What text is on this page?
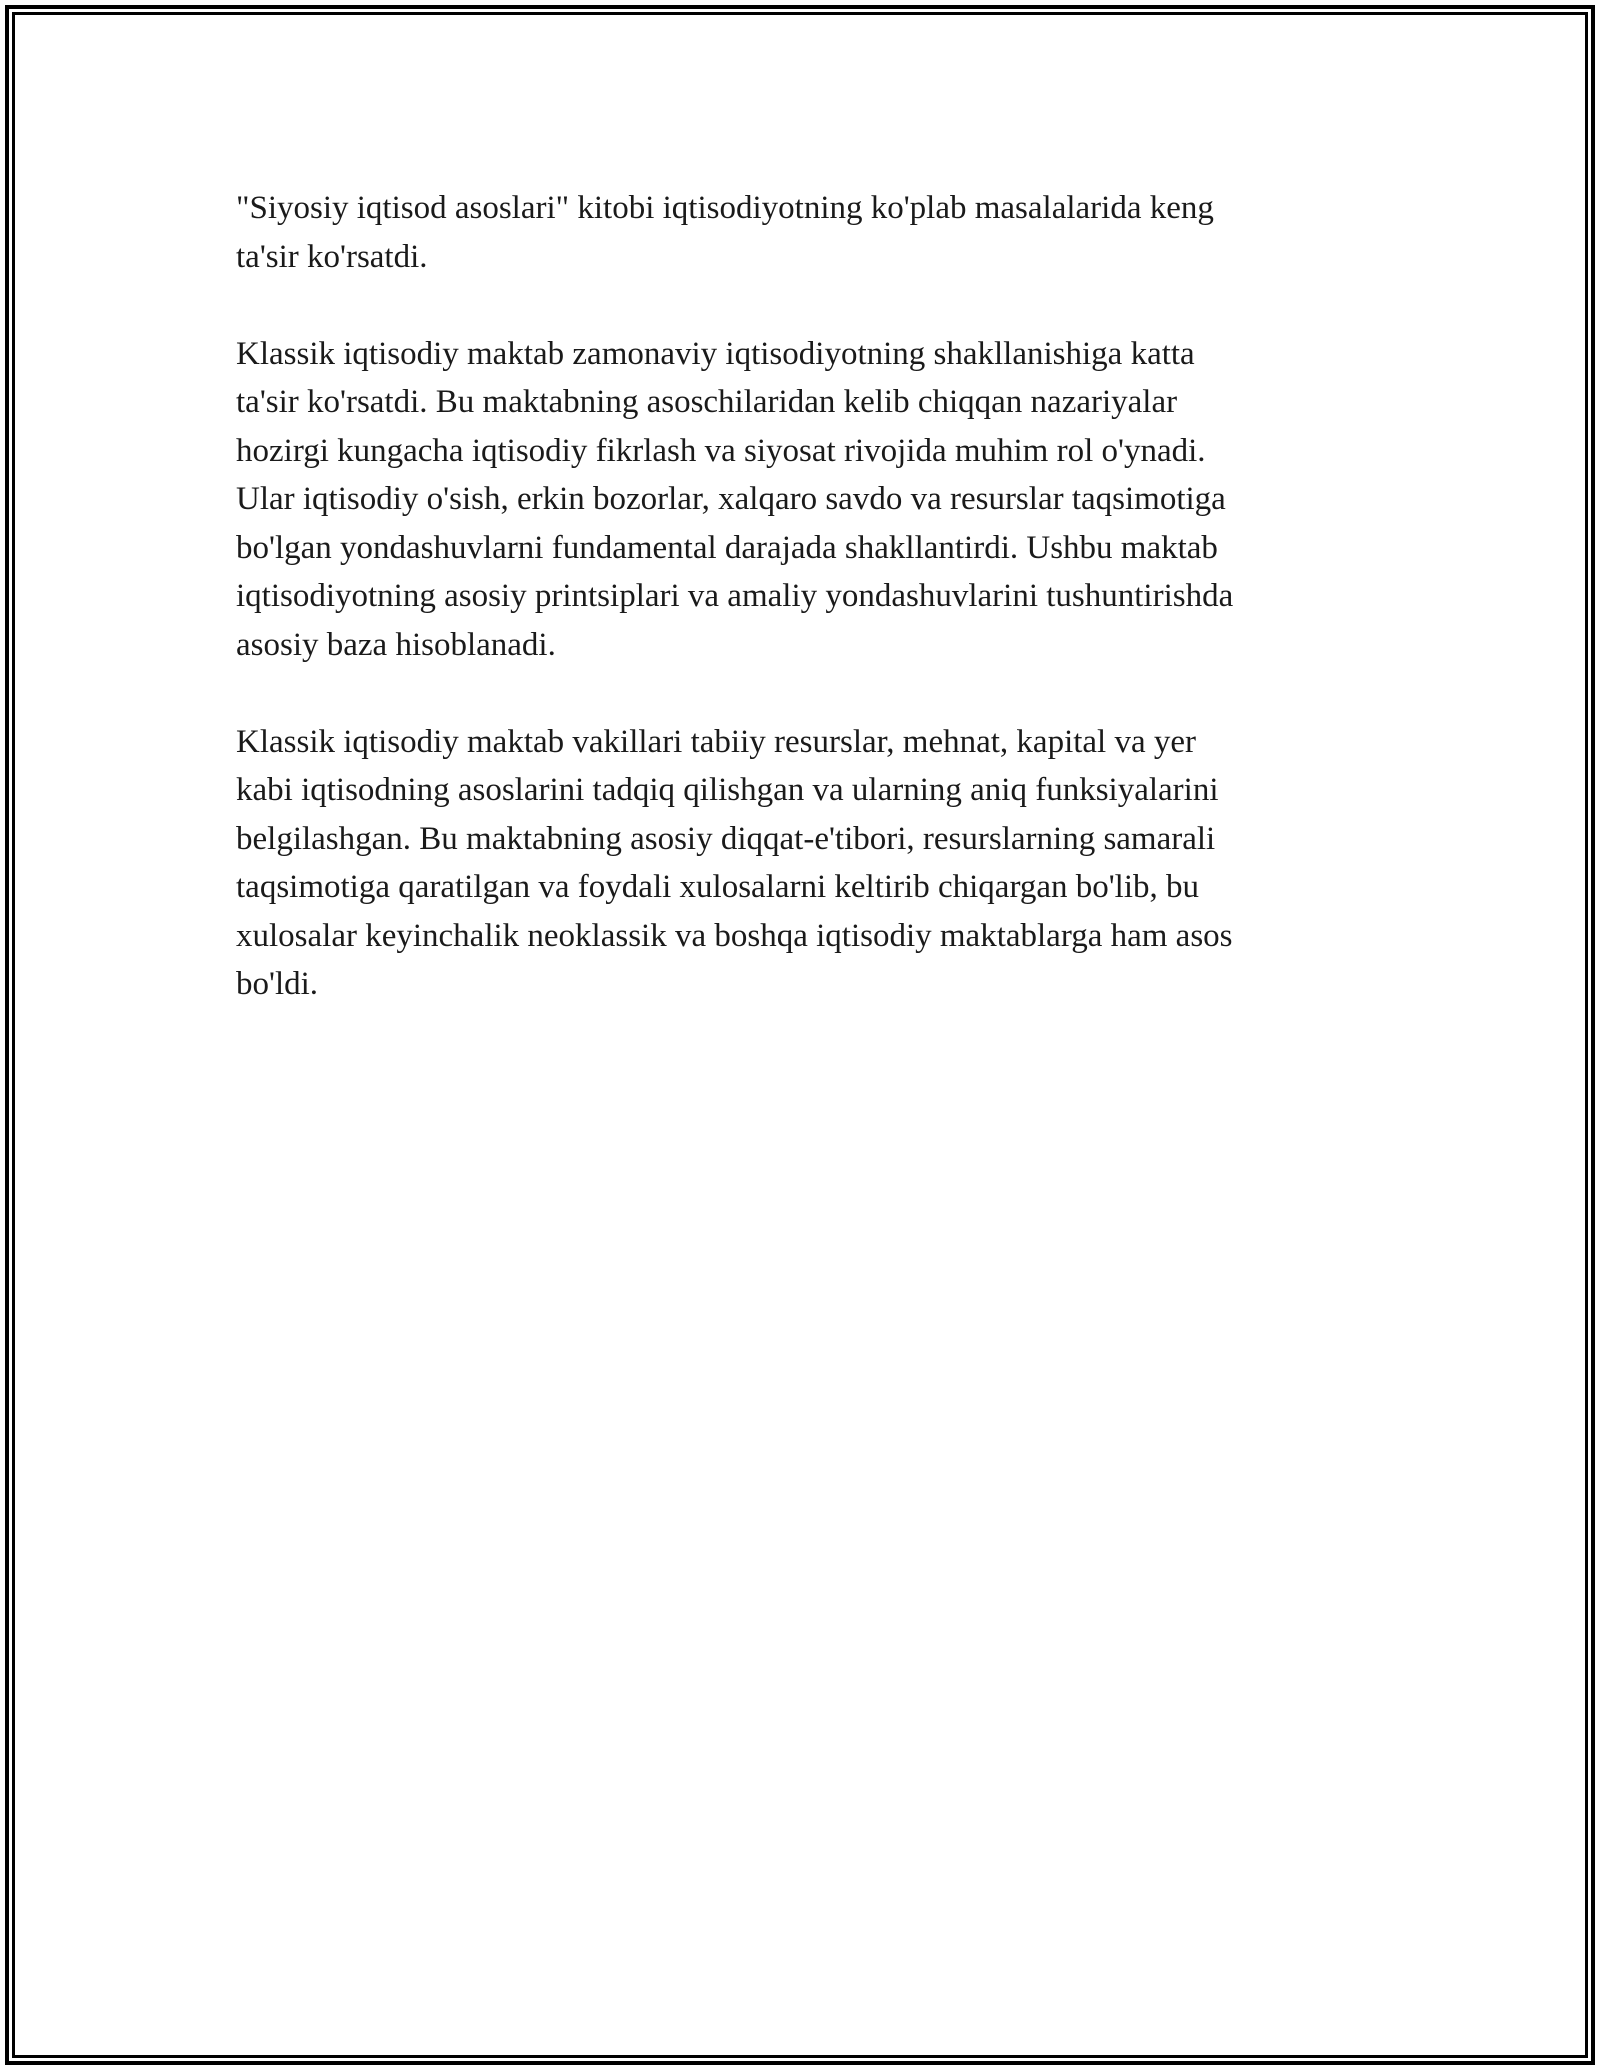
"Siyosiy iqtisod asoslari" kitobi iqtisodiyotning ko'plab masalalarida keng
ta'sir ko'rsatdi.

Klassik iqtisodiy maktab zamonaviy iqtisodiyotning shakllanishiga katta
ta'sir ko'rsatdi. Bu maktabning asoschilaridan kelib chiqqan nazariyalar
hozirgi kungacha iqtisodiy fikrlash va siyosat rivojida muhim rol o'ynadi.
Ular iqtisodiy o'sish, erkin bozorlar, xalqaro savdo va resurslar taqsimotiga
bo'lgan yondashuvlarni fundamental darajada shakllantirdi. Ushbu maktab
iqtisodiyotning asosiy printsiplari va amaliy yondashuvlarini tushuntirishda
asosiy baza hisoblanadi.

Klassik iqtisodiy maktab vakillari tabiiy resurslar, mehnat, kapital va yer
kabi iqtisodning asoslarini tadqiq qilishgan va ularning aniq funksiyalarini
belgilashgan. Bu maktabning asosiy diqqat-e'tibori, resurslarning samarali
taqsimotiga qaratilgan va foydali xulosalarni keltirib chiqargan bo'lib, bu
xulosalar keyinchalik neoklassik va boshqa iqtisodiy maktablarga ham asos
bo'ldi.
